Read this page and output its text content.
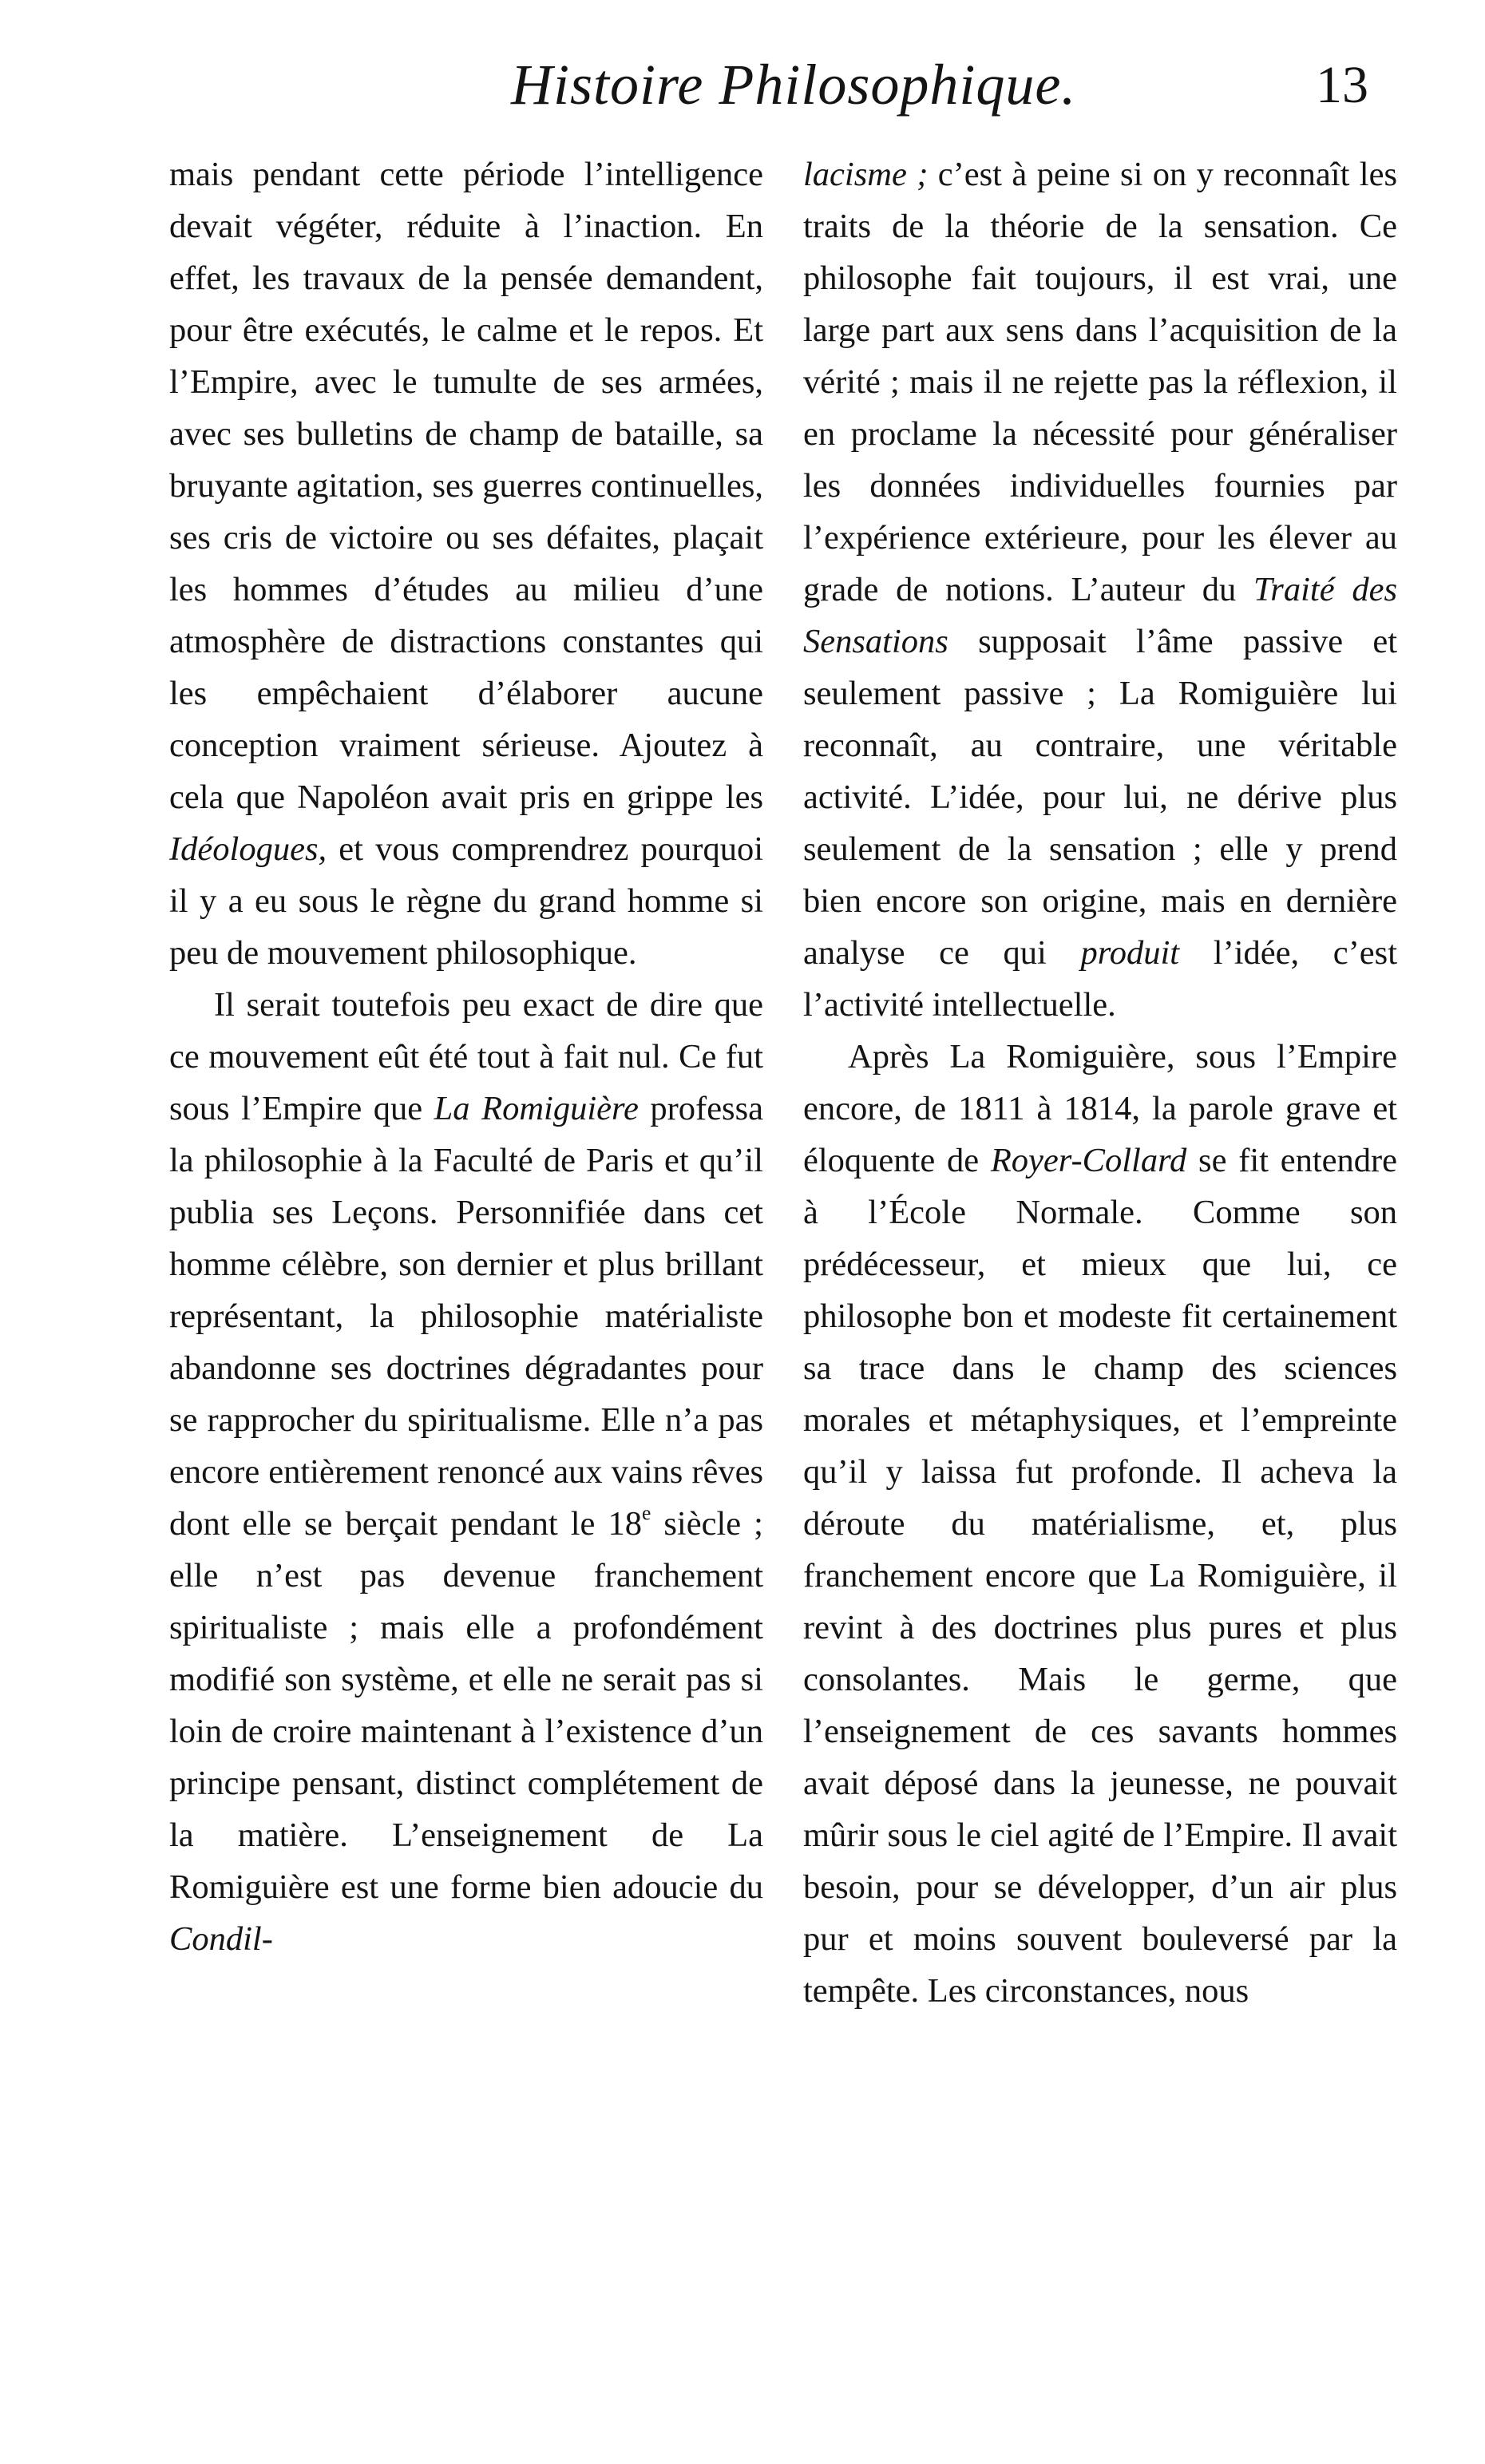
Histoire Philosophique.	13

mais pendant cette période l’intelligence devait végéter, réduite à l’inaction. En effet, les travaux de la pensée demandent, pour être exécutés, le calme et le repos. Et l’Empire, avec le tumulte de ses armées, avec ses bulletins de champ de bataille, sa bruyante agitation, ses guerres continuelles, ses cris de victoire ou ses défaites, plaçait les hommes d’études au milieu d’une atmosphère de distractions constantes qui les empêchaient d’élaborer aucune conception vraiment sérieuse. Ajoutez à cela que Napoléon avait pris en grippe les Idéologues, et vous comprendrez pourquoi il y a eu sous le règne du grand homme si peu de mouvement philosophique.

Il serait toutefois peu exact de dire que ce mouvement eût été tout à fait nul. Ce fut sous l’Empire que La Romiguière professa la philosophie à la Faculté de Paris et qu’il publia ses Leçons. Personnifiée dans cet homme célèbre, son dernier et plus brillant représentant, la philosophie matérialiste abandonne ses doctrines dégradantes pour se rapprocher du spiritualisme. Elle n’a pas encore entièrement renoncé aux vains rêves dont elle se berçait pendant le 18e siècle ; elle n’est pas devenue franchement spiritualiste ; mais elle a profondément modifié son système, et elle ne serait pas si loin de croire maintenant à l’existence d’un principe pensant, distinct complétement de la matière. L’enseignement de La Romiguière est une forme bien adoucie du Condil-

lacisme ; c’est à peine si on y reconnaît les traits de la théorie de la sensation. Ce philosophe fait toujours, il est vrai, une large part aux sens dans l’acquisition de la vérité ; mais il ne rejette pas la réflexion, il en proclame la nécessité pour généraliser les données individuelles fournies par l’expérience extérieure, pour les élever au grade de notions. L’auteur du Traité des Sensations supposait l’âme passive et seulement passive ; La Romiguière lui reconnaît, au contraire, une véritable activité. L’idée, pour lui, ne dérive plus seulement de la sensation ; elle y prend bien encore son origine, mais en dernière analyse ce qui produit l’idée, c’est l’activité intellectuelle.

Après La Romiguière, sous l’Empire encore, de 1811 à 1814, la parole grave et éloquente de Royer-Collard se fit entendre à l’École Normale. Comme son prédécesseur, et mieux que lui, ce philosophe bon et modeste fit certainement sa trace dans le champ des sciences morales et métaphysiques, et l’empreinte qu’il y laissa fut profonde. Il acheva la déroute du matérialisme, et, plus franchement encore que La Romiguière, il revint à des doctrines plus pures et plus consolantes. Mais le germe, que l’enseignement de ces savants hommes avait déposé dans la jeunesse, ne pouvait mûrir sous le ciel agité de l’Empire. Il avait besoin, pour se développer, d’un air plus pur et moins souvent bouleversé par la tempête. Les circonstances, nous
